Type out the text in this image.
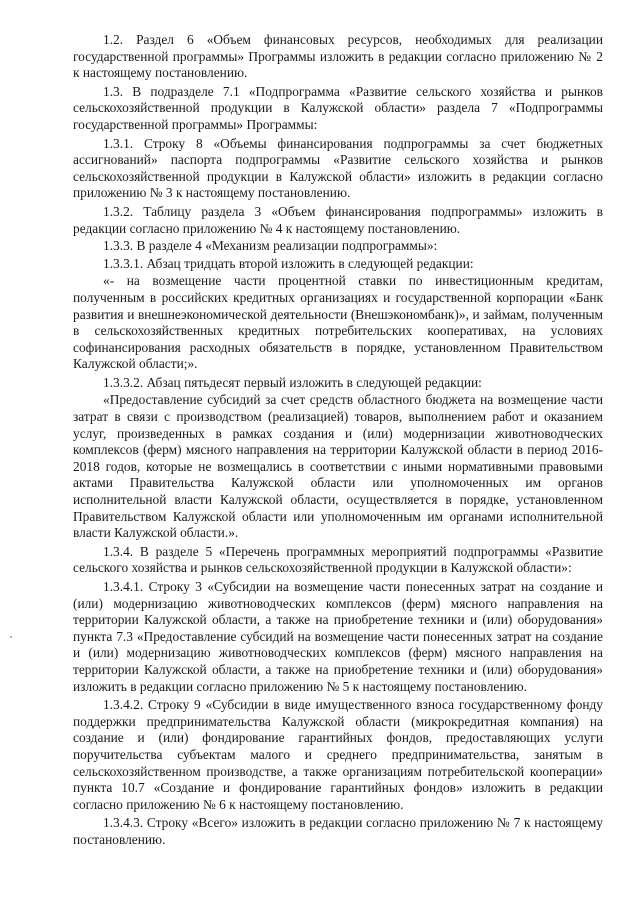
1.2. Раздел 6 «Объем финансовых ресурсов, необходимых для реализации государственной программы» Программы изложить в редакции согласно приложению № 2 к настоящему постановлению.

1.3. В подразделе 7.1 «Подпрограмма «Развитие сельского хозяйства и рынков сельскохозяйственной продукции в Калужской области» раздела 7 «Подпрограммы государственной программы» Программы:

1.3.1. Строку 8 «Объемы финансирования подпрограммы за счет бюджетных ассигнований» паспорта подпрограммы «Развитие сельского хозяйства и рынков сельскохозяйственной продукции в Калужской области» изложить в редакции согласно приложению № 3 к настоящему постановлению.

1.3.2. Таблицу раздела 3 «Объем финансирования подпрограммы» изложить в редакции согласно приложению № 4 к настоящему постановлению.

1.3.3. В разделе 4 «Механизм реализации подпрограммы»:

1.3.3.1. Абзац тридцать второй изложить в следующей редакции:

«- на возмещение части процентной ставки по инвестиционным кредитам, полученным в российских кредитных организациях и государственной корпорации «Банк развития и внешнеэкономической деятельности (Внешэкономбанк)», и займам, полученным в сельскохозяйственных кредитных потребительских кооперативах, на условиях софинансирования расходных обязательств в порядке, установленном Правительством Калужской области;».

1.3.3.2. Абзац пятьдесят первый изложить в следующей редакции:

«Предоставление субсидий за счет средств областного бюджета на возмещение части затрат в связи с производством (реализацией) товаров, выполнением работ и оказанием услуг, произведенных в рамках создания и (или) модернизации животноводческих комплексов (ферм) мясного направления на территории Калужской области в период 2016-2018 годов, которые не возмещались в соответствии с иными нормативными правовыми актами Правительства Калужской области или уполномоченных им органов исполнительной власти Калужской области, осуществляется в порядке, установленном Правительством Калужской области или уполномоченным им органами исполнительной власти Калужской области.».

1.3.4. В разделе 5 «Перечень программных мероприятий подпрограммы «Развитие сельского хозяйства и рынков сельскохозяйственной продукции в Калужской области»:

1.3.4.1. Строку 3 «Субсидии на возмещение части понесенных затрат на создание и (или) модернизацию животноводческих комплексов (ферм) мясного направления на территории Калужской области, а также на приобретение техники и (или) оборудования» пункта 7.3 «Предоставление субсидий на возмещение части понесенных затрат на создание и (или) модернизацию животноводческих комплексов (ферм) мясного направления на территории Калужской области, а также на приобретение техники и (или) оборудования» изложить в редакции согласно приложению № 5 к настоящему постановлению.

1.3.4.2. Строку 9 «Субсидии в виде имущественного взноса государственному фонду поддержки предпринимательства Калужской области (микрокредитная компания) на создание и (или) фондирование гарантийных фондов, предоставляющих услуги поручительства субъектам малого и среднего предпринимательства, занятым в сельскохозяйственном производстве, а также организациям потребительской кооперации» пункта 10.7 «Создание и фондирование гарантийных фондов» изложить в редакции согласно приложению № 6 к настоящему постановлению.

1.3.4.3. Строку «Всего» изложить в редакции согласно приложению № 7 к настоящему постановлению.
